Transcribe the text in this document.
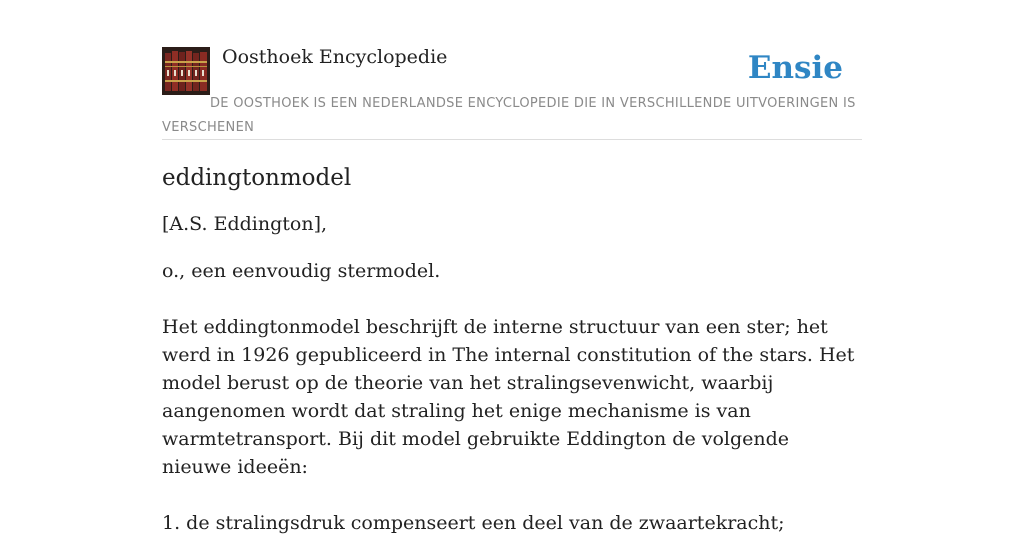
Oosthoek Encyclopedie	Ensie
DE OOSTHOEK IS EEN NEDERLANDSE ENCYCLOPEDIE DIE IN VERSCHILLENDE UITVOERINGEN IS VERSCHENEN
eddingtonmodel

[A.S. Eddington],

o., een eenvoudig stermodel.

Het eddingtonmodel beschrijft de interne structuur van een ster; het werd in 1926 gepubliceerd in The internal constitution of the stars. Het model berust op de theorie van het stralingsevenwicht, waarbij aangenomen wordt dat straling het enige mechanisme is van warmtetransport. Bij dit model gebruikte Eddington de volgende nieuwe ideeën:

1. de stralingsdruk compenseert een deel van de zwaartekracht;
